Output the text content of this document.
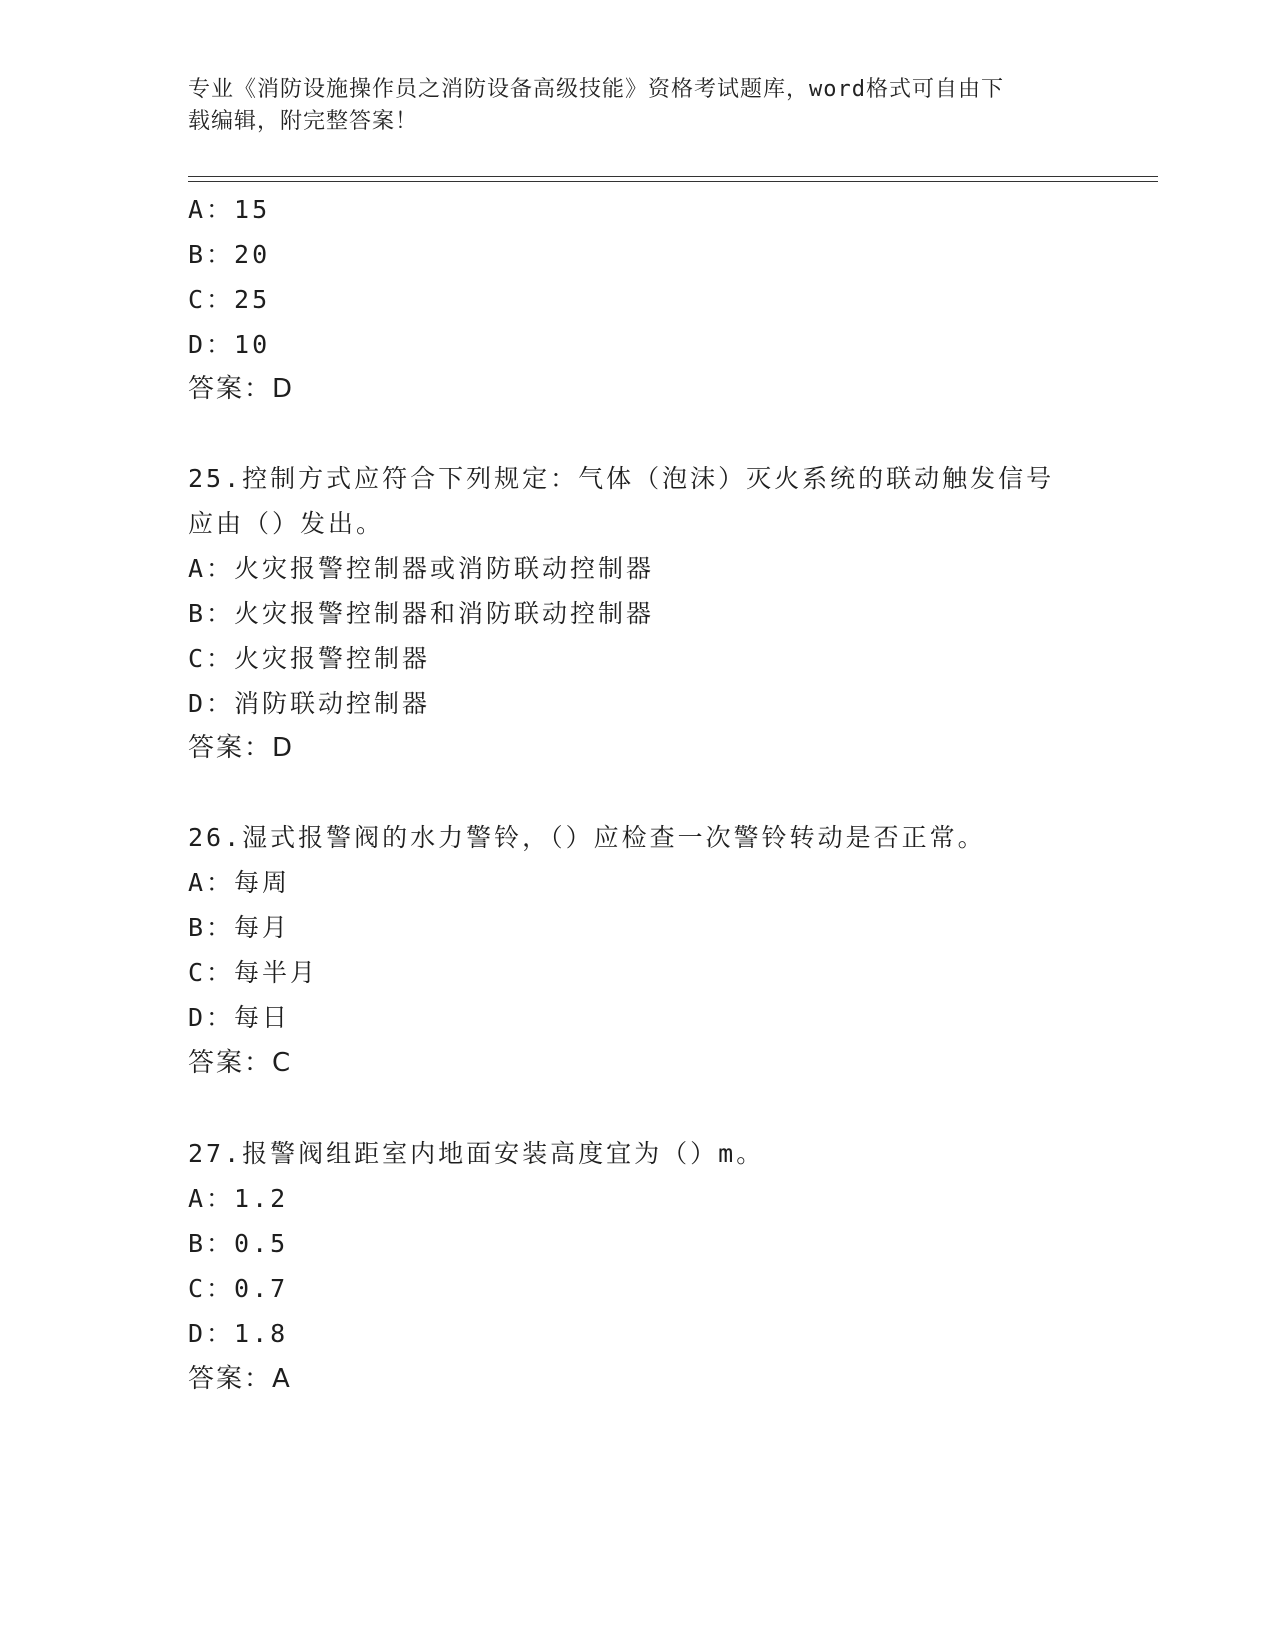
专业《消防设施操作员之消防设备高级技能》资格考试题库，word格式可自由下
载编辑，附完整答案！
A：15
B：20
C：25
D：10
答案：D
25.控制方式应符合下列规定：气体（泡沫）灭火系统的联动触发信号
应由（）发出。
A：火灾报警控制器或消防联动控制器
B：火灾报警控制器和消防联动控制器
C：火灾报警控制器
D：消防联动控制器
答案：D
26.湿式报警阀的水力警铃，（）应检查一次警铃转动是否正常。
A：每周
B：每月
C：每半月
D：每日
答案：C
27.报警阀组距室内地面安装高度宜为（）m。
A：1.2
B：0.5
C：0.7
D：1.8
答案：A
